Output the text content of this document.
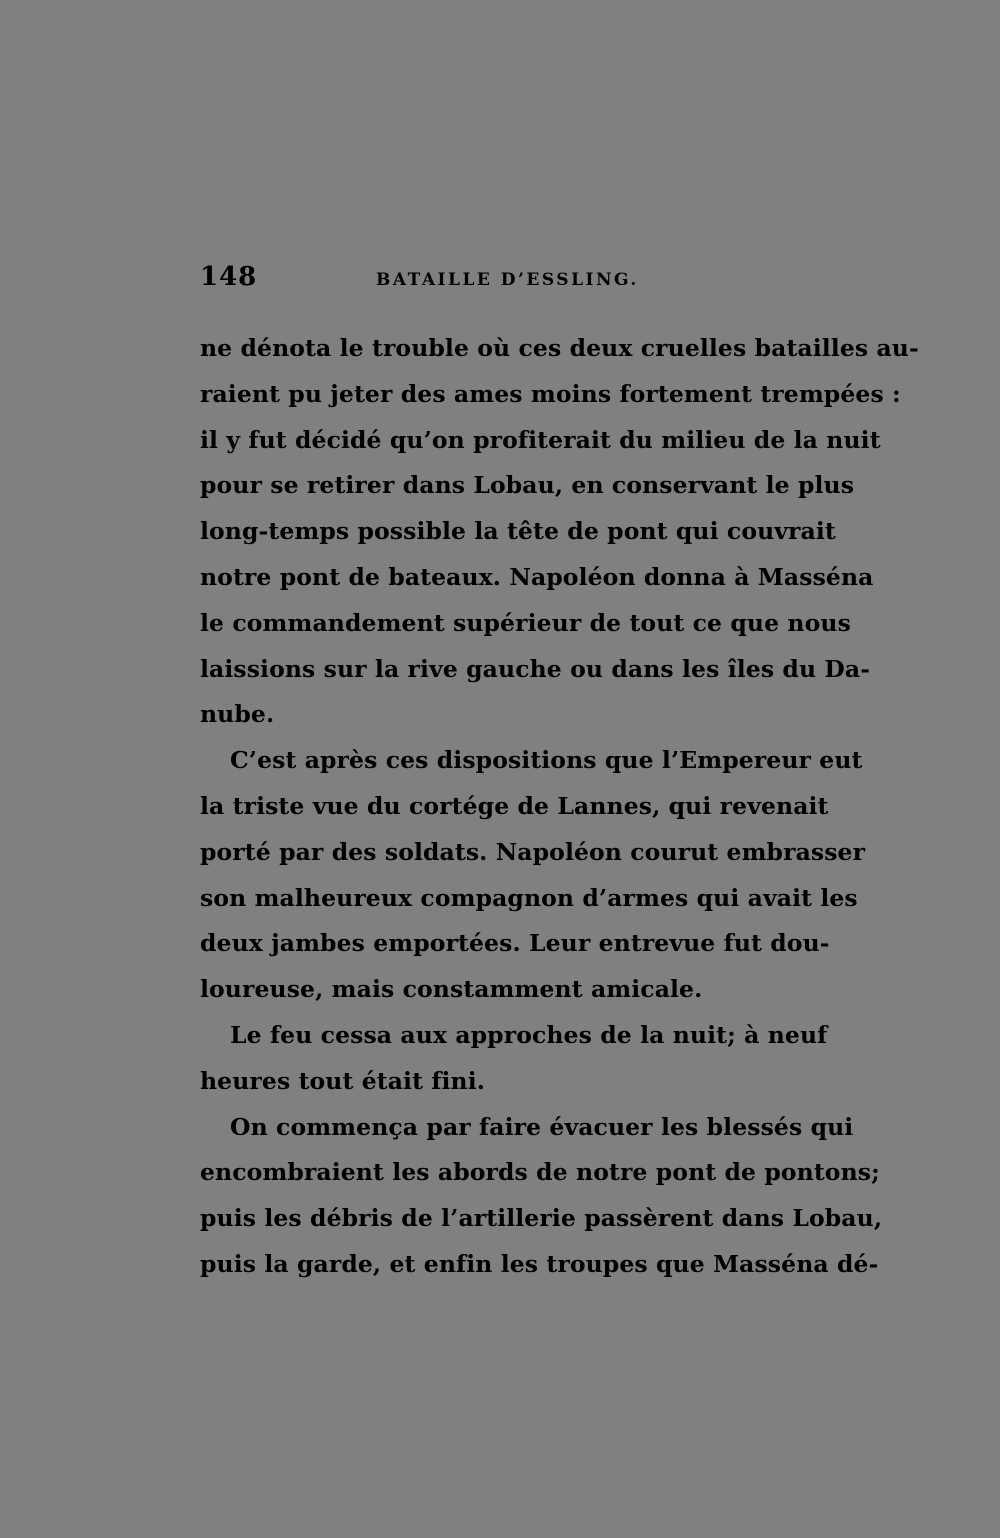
148	BATAILLE D’ESSLING.
ne dénota le trouble où ces deux cruelles batailles au-
raient pu jeter des ames moins fortement trempées :
il y fut décidé qu’on profiterait du milieu de la nuit
pour se retirer dans Lobau, en conservant le plus
long-temps possible la tête de pont qui couvrait
notre pont de bateaux. Napoléon donna à Masséna
le commandement supérieur de tout ce que nous
laissions sur la rive gauche ou dans les îles du Da-
nube.
C’est après ces dispositions que l’Empereur eut
la triste vue du cortége de Lannes, qui revenait
porté par des soldats. Napoléon courut embrasser
son malheureux compagnon d’armes qui avait les
deux jambes emportées. Leur entrevue fut dou-
loureuse, mais constamment amicale.
Le feu cessa aux approches de la nuit; à neuf
heures tout était fini.
On commença par faire évacuer les blessés qui
encombraient les abords de notre pont de pontons;
puis les débris de l’artillerie passèrent dans Lobau,
puis la garde, et enfin les troupes que Masséna dé-
